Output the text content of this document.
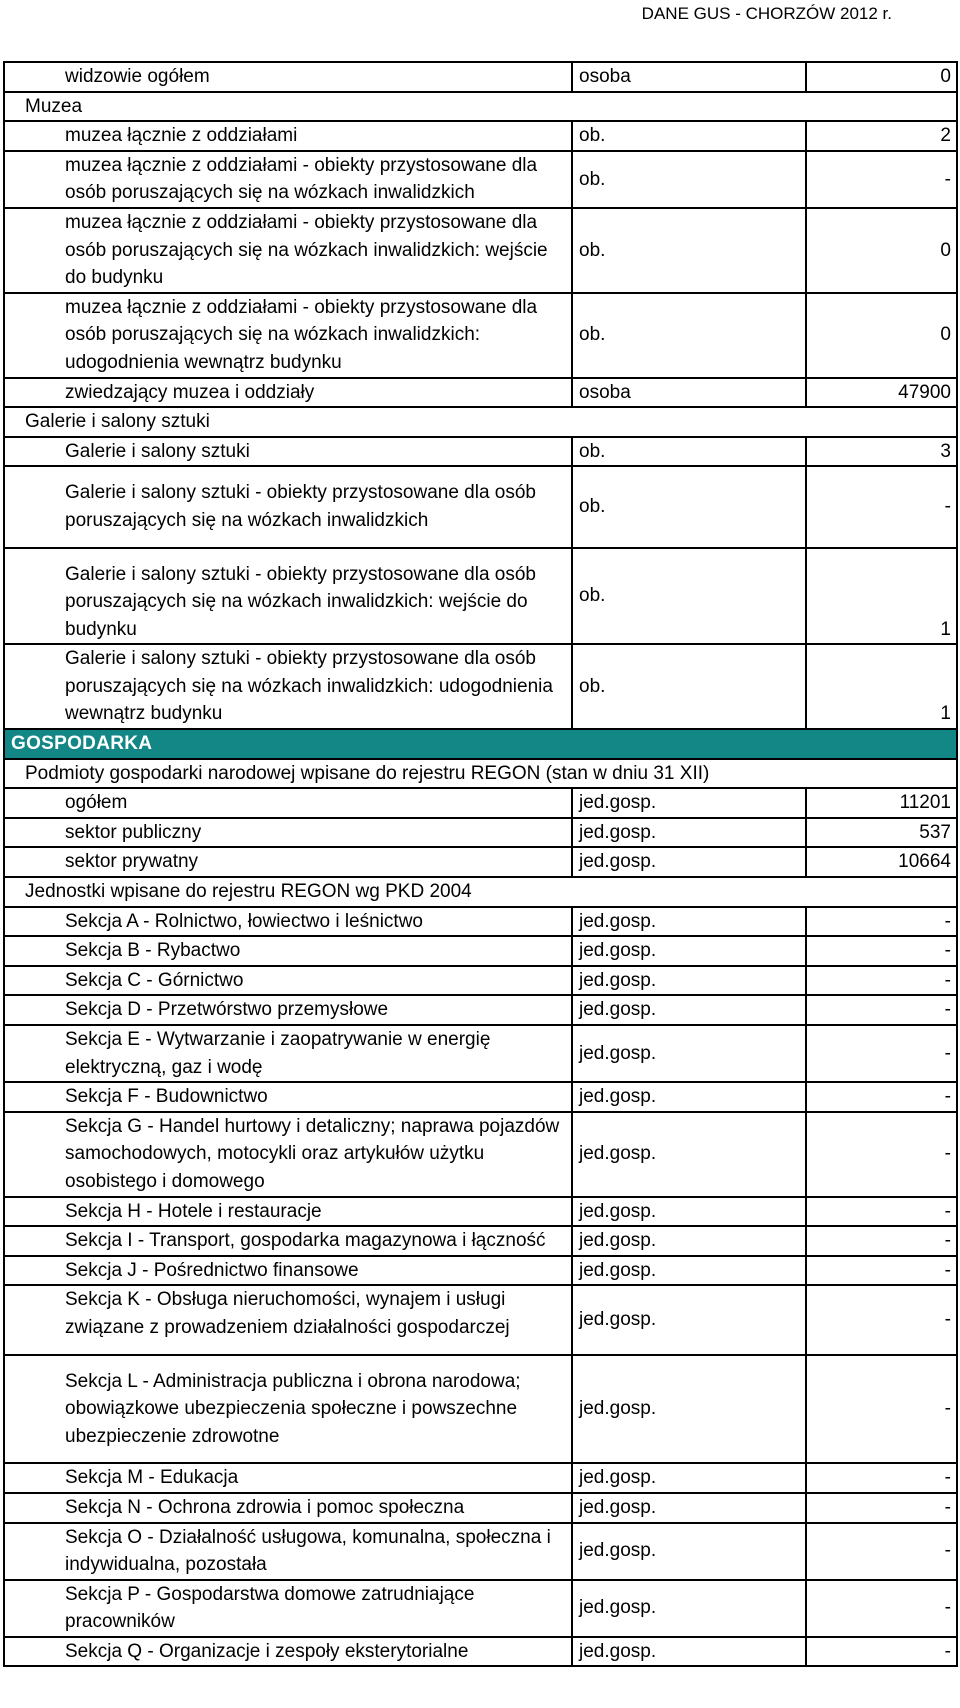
DANE GUS - CHORZÓW 2012 r.
widzowie ogółem	osoba	0
Muzea		
muzea łącznie z oddziałami	ob.	2
muzea łącznie z oddziałami - obiekty przystosowane dla osób poruszających się na wózkach inwalidzkich	ob.	-
muzea łącznie z oddziałami - obiekty przystosowane dla osób poruszających się na wózkach inwalidzkich: wejście do budynku	ob.	0
muzea łącznie z oddziałami - obiekty przystosowane dla osób poruszających się na wózkach inwalidzkich: udogodnienia wewnątrz budynku	ob.	0
zwiedzający muzea i oddziały	osoba	47900
Galerie i salony sztuki		
Galerie i salony sztuki	ob.	3
Galerie i salony sztuki - obiekty przystosowane dla osób poruszających się na wózkach inwalidzkich	ob.	-
Galerie i salony sztuki - obiekty przystosowane dla osób poruszających się na wózkach inwalidzkich: wejście do budynku	ob.	1
Galerie i salony sztuki - obiekty przystosowane dla osób poruszających się na wózkach inwalidzkich: udogodnienia wewnątrz budynku	ob.	1
GOSPODARKA		
Podmioty gospodarki narodowej wpisane do rejestru REGON (stan w dniu 31 XII)		
ogółem	jed.gosp.	11201
sektor publiczny	jed.gosp.	537
sektor prywatny	jed.gosp.	10664
Jednostki wpisane do rejestru REGON wg PKD 2004		
Sekcja A - Rolnictwo, łowiectwo i leśnictwo	jed.gosp.	-
Sekcja B - Rybactwo	jed.gosp.	-
Sekcja C - Górnictwo	jed.gosp.	-
Sekcja D - Przetwórstwo przemysłowe	jed.gosp.	-
Sekcja E - Wytwarzanie i zaopatrywanie w energię elektryczną, gaz i wodę	jed.gosp.	-
Sekcja F - Budownictwo	jed.gosp.	-
Sekcja G - Handel hurtowy i detaliczny; naprawa pojazdów samochodowych, motocykli oraz artykułów użytku osobistego i domowego	jed.gosp.	-
Sekcja H - Hotele i restauracje	jed.gosp.	-
Sekcja I - Transport, gospodarka magazynowa i łączność	jed.gosp.	-
Sekcja J - Pośrednictwo finansowe	jed.gosp.	-
Sekcja K - Obsługa nieruchomości, wynajem i usługi związane z prowadzeniem działalności gospodarczej	jed.gosp.	-
Sekcja L - Administracja publiczna i obrona narodowa; obowiązkowe ubezpieczenia społeczne i powszechne ubezpieczenie zdrowotne	jed.gosp.	-
Sekcja M - Edukacja	jed.gosp.	-
Sekcja N - Ochrona zdrowia i pomoc społeczna	jed.gosp.	-
Sekcja O - Działalność usługowa, komunalna, społeczna i indywidualna, pozostała	jed.gosp.	-
Sekcja P - Gospodarstwa domowe zatrudniające pracowników	jed.gosp.	-
Sekcja Q - Organizacje i zespoły eksterytorialne	jed.gosp.	-
